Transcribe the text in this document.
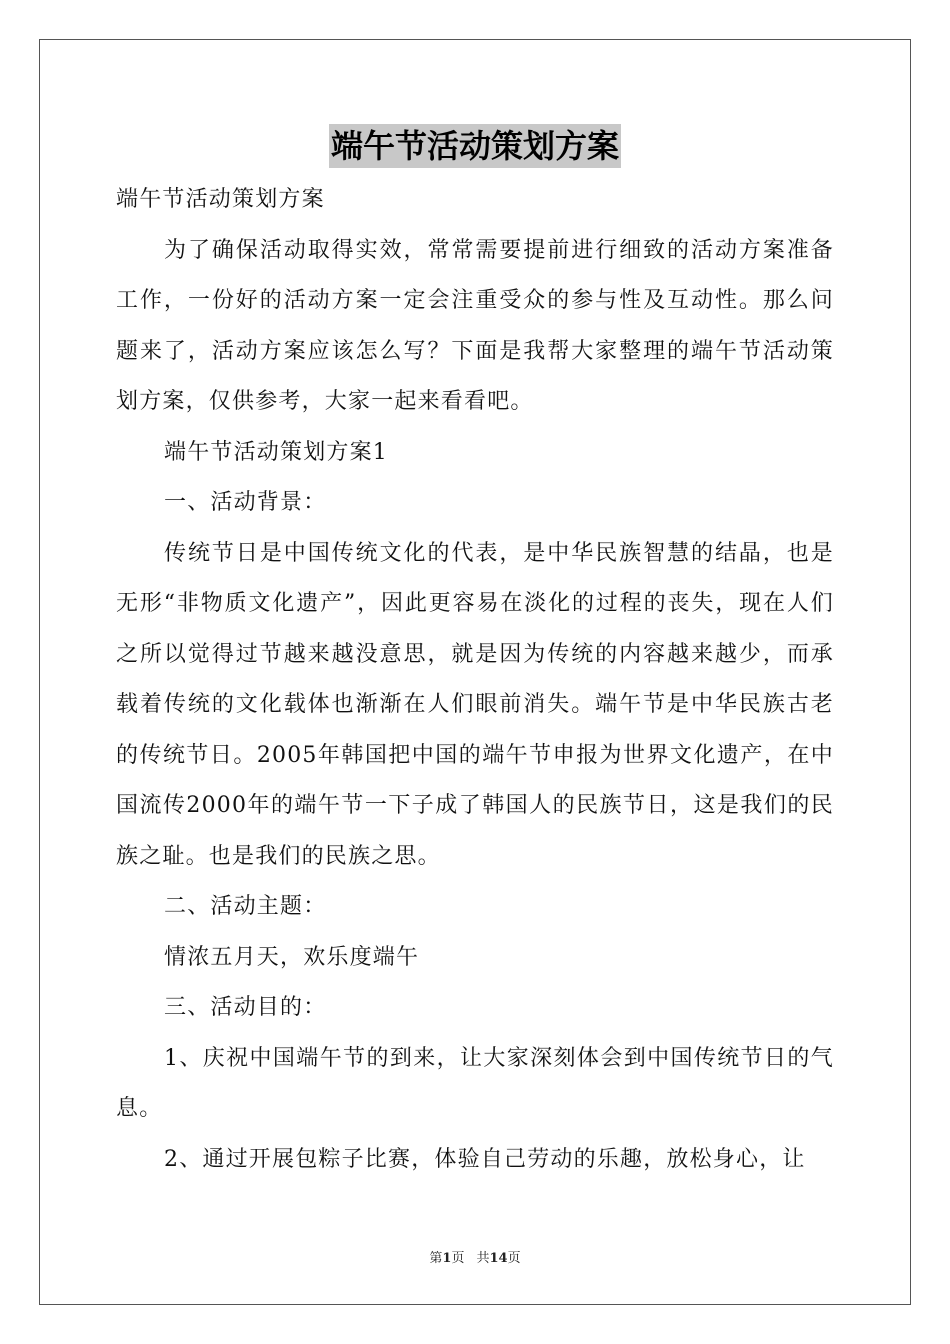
端午节活动策划方案

端午节活动策划方案

为了确保活动取得实效，常常需要提前进行细致的活动方案准备工作，一份好的活动方案一定会注重受众的参与性及互动性。那么问题来了，活动方案应该怎么写？下面是我帮大家整理的端午节活动策划方案，仅供参考，大家一起来看看吧。

端午节活动策划方案1

一、活动背景：

传统节日是中国传统文化的代表，是中华民族智慧的结晶，也是无形“非物质文化遗产”，因此更容易在淡化的过程的丧失，现在人们之所以觉得过节越来越没意思，就是因为传统的内容越来越少，而承载着传统的文化载体也渐渐在人们眼前消失。端午节是中华民族古老的传统节日。2005年韩国把中国的端午节申报为世界文化遗产，在中国流传2000年的端午节一下子成了韩国人的民族节日，这是我们的民族之耻。也是我们的民族之思。

二、活动主题：

情浓五月天，欢乐度端午

三、活动目的：

1、庆祝中国端午节的到来，让大家深刻体会到中国传统节日的气息。

2、通过开展包粽子比赛，体验自己劳动的乐趣，放松身心，让

第1页 共14页
